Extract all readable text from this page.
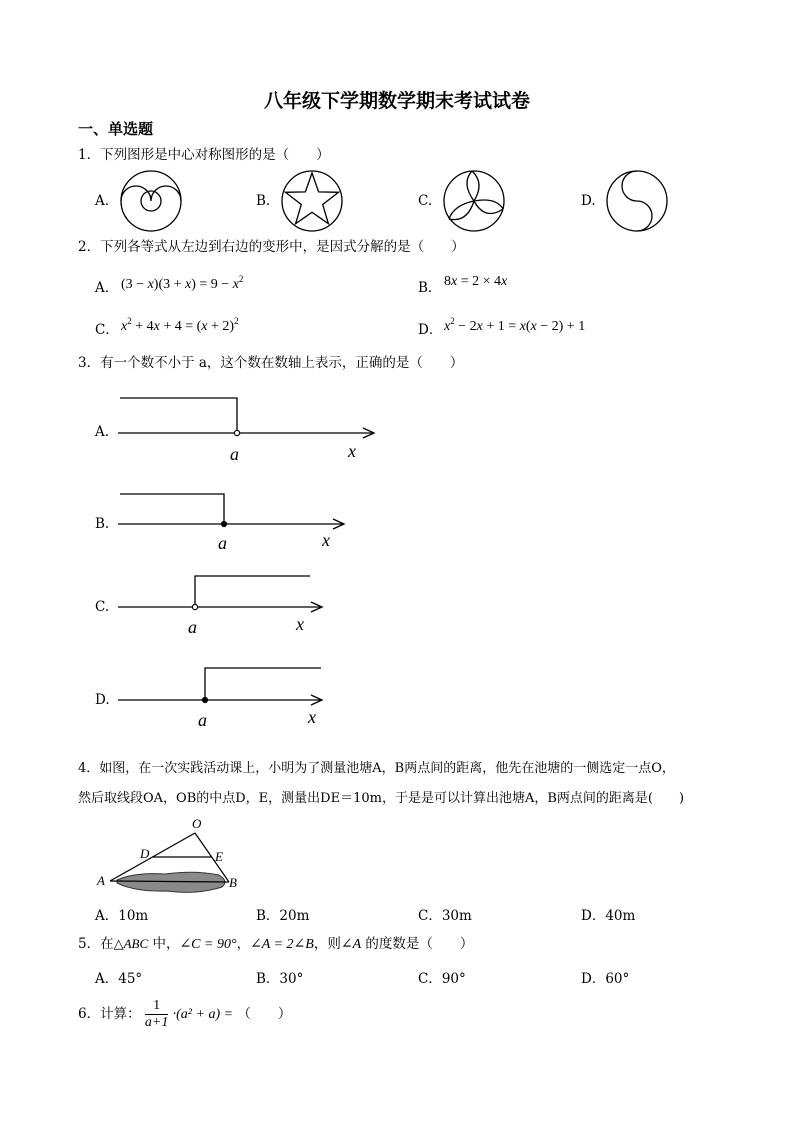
八年级下学期数学期末考试试卷
一、单选题
1．下列图形是中心对称图形的是（　　）
A.	B.	C.	D.
2．下列各等式从左边到右边的变形中，是因式分解的是（　　）
A． $(3 - x)(3 + x) = 9 - x^2$
B． 8x = 2 × 4x
C． $x^2 + 4x + 4 = (x + 2)^2$
D． $x^2 - 2x + 1 = x(x - 2) + 1$
3．有一个数不小于 a，这个数在数轴上表示，正确的是（　　）
A.
a	x
B.
a	x
C.
a	x
D.
a	x
4．如图，在一次实践活动课上，小明为了测量池塘A，B两点间的距离，他先在池塘的一侧选定一点O，
然后取线段OA，OB的中点D，E，测量出DE＝10m，于是是可以计算出池塘A，B两点间的距离是(　　)
O
D	E
A	B
A．10m	B．20m	C．30m	D．40m
5．在△ABC 中，∠C = 90°，∠A = 2∠B，则∠A 的度数是（　　）
A．45°	B．30°	C．90°	D．60°
6．计算： $\frac{1}{a+1} \cdot(a^2 + a)$ = （　　）
